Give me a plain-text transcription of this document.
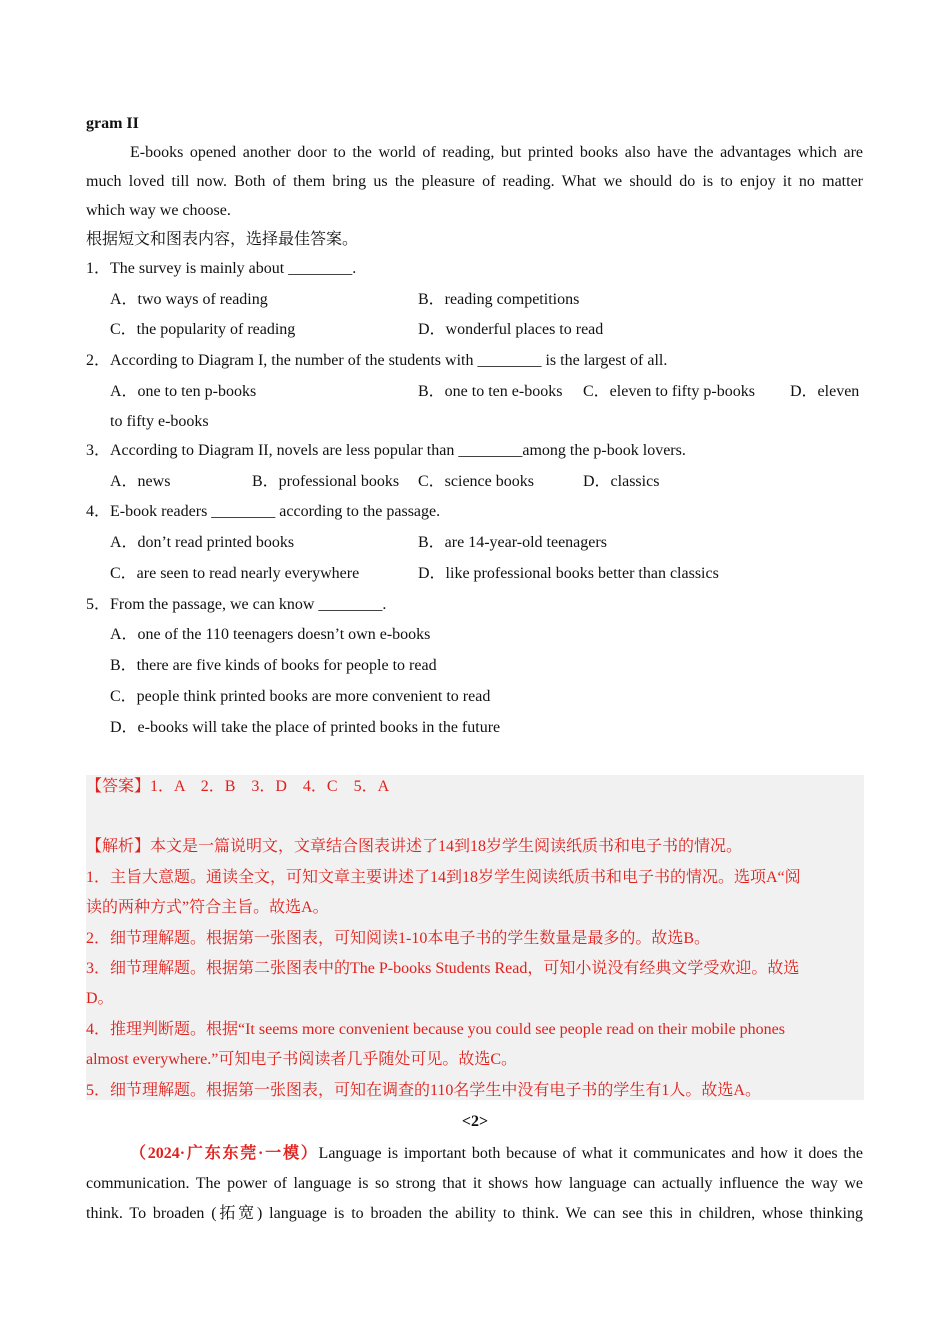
gram II
E-books opened another door to the world of reading, but printed books also have the advantages which are
much loved till now. Both of them bring us the pleasure of reading. What we should do is to enjoy it no matter
which way we choose.
根据短文和图表内容，选择最佳答案。
1．The survey is mainly about ________.
A．two ways of reading	B．reading competitions
C．the popularity of reading	D．wonderful places to read
2．According to Diagram I, the number of the students with ________ is the largest of all.
A．one to ten p-books	B．one to ten e-books C．eleven to fifty p-books D．eleven
to fifty e-books
3．According to Diagram II, novels are less popular than ________among the p-book lovers.
A．news	B．professional books C．science books	D．classics
4．E-book readers ________ according to the passage.
A．don’t read printed books	B．are 14-year-old teenagers
C．are seen to read nearly everywhere	D．like professional books better than classics
5．From the passage, we can know ________.
A．one of the 110 teenagers doesn’t own e-books
B．there are five kinds of books for people to read
C．people think printed books are more convenient to read
D．e-books will take the place of printed books in the future
【答案】1．A　2．B　3．D　4．C　5．A
【解析】本文是一篇说明文，文章结合图表讲述了14到18岁学生阅读纸质书和电子书的情况。
1．主旨大意题。通读全文，可知文章主要讲述了14到18岁学生阅读纸质书和电子书的情况。选项A“阅
读的两种方式”符合主旨。故选A。
2．细节理解题。根据第一张图表，可知阅读1-10本电子书的学生数量是最多的。故选B。
3．细节理解题。根据第二张图表中的The P-books Students Read，可知小说没有经典文学受欢迎。故选
D。
4．推理判断题。根据“It seems more convenient because you could see people read on their mobile phones
almost everywhere.”可知电子书阅读者几乎随处可见。故选C。
5．细节理解题。根据第一张图表，可知在调查的110名学生中没有电子书的学生有1人。故选A。
<2>
（2024·广东东莞·一模）Language is important both because of what it communicates and how it does the
communication. The power of language is so strong that it shows how language can actually influence the way we
think. To broaden (拓宽) language is to broaden the ability to think. We can see this in children, whose thinking
